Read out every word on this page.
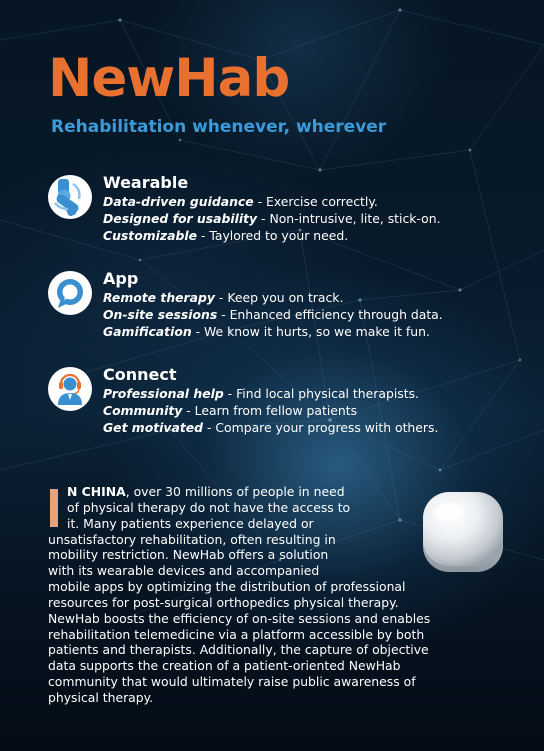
NewHab

Rehabilitation whenever, wherever

Wearable
Data-driven guidance - Exercise correctly.
Designed for usability - Non-intrusive, lite, stick-on.
Customizable - Taylored to your need.
App
Remote therapy - Keep you on track.
On-site sessions - Enhanced efficiency through data.
Gamification - We know it hurts, so we make it fun.
Connect
Professional help - Find local physical therapists.
Community - Learn from fellow patients
Get motivated - Compare your progress with others.
N CHINA, over 30 millions of people in need
of physical therapy do not have the access to
it. Many patients experience delayed or
unsatisfactory rehabilitation, often resulting in
mobility restriction. NewHab offers a solution
with its wearable devices and accompanied
mobile apps by optimizing the distribution of professional
resources for post-surgical orthopedics physical therapy.
NewHab boosts the efficiency of on-site sessions and enables
rehabilitation telemedicine via a platform accessible by both
patients and therapists. Additionally, the capture of objective
data supports the creation of a patient-oriented NewHab
community that would ultimately raise public awareness of
physical therapy.
